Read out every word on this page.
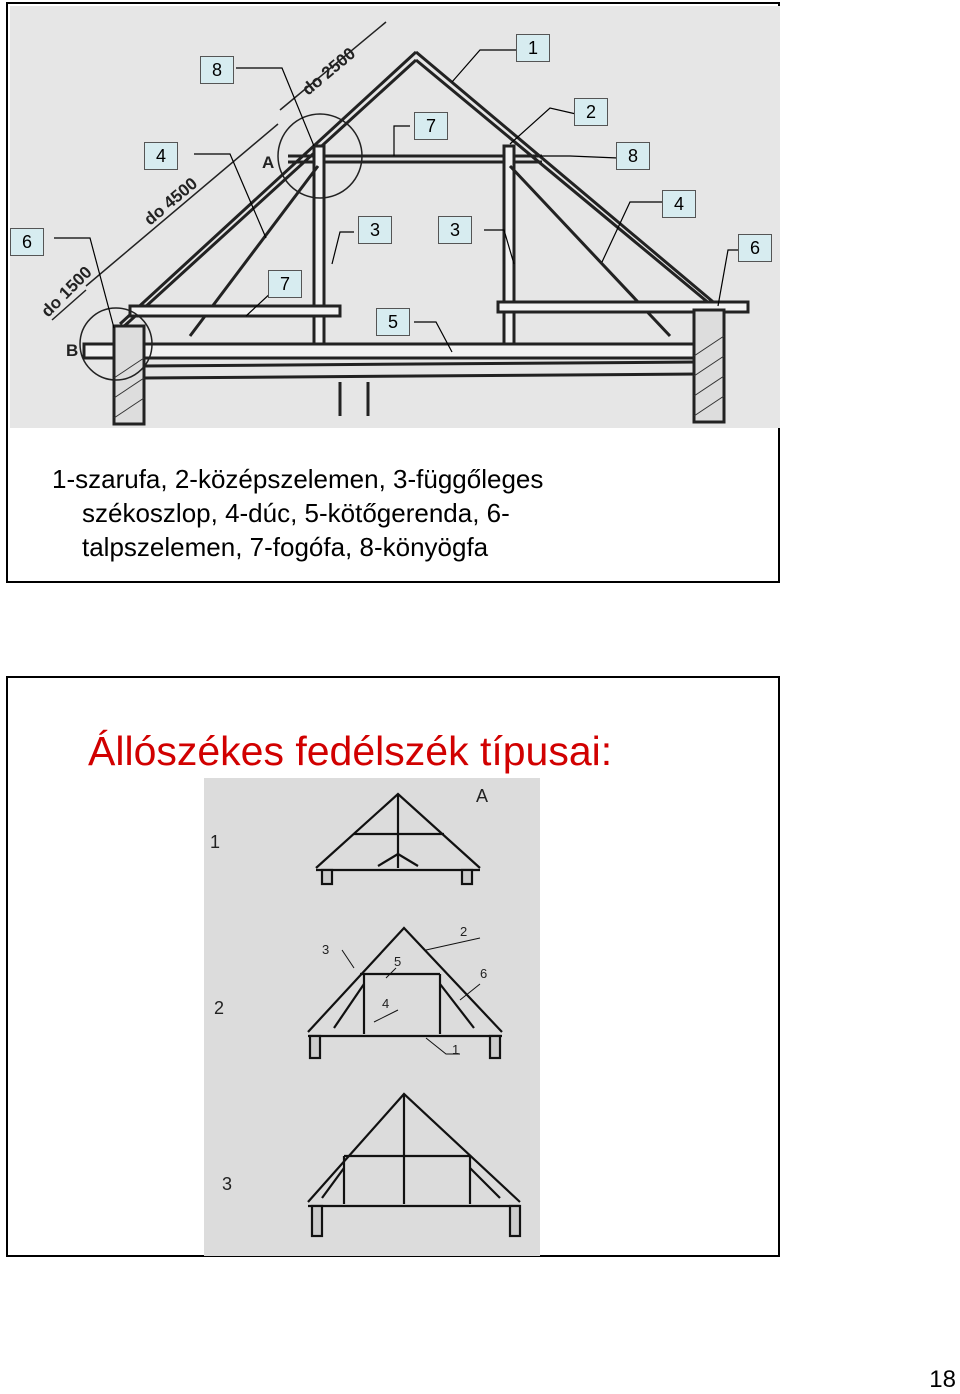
do 2500
do 4500
do 1500
A
B
1
2
8
8
7
7
4
4
6	6
3	3
5
1-szarufa, 2-középszelemen, 3-függőleges
székoszlop, 4-dúc, 5-kötőgerenda, 6-
talpszelemen, 7-fogófa, 8-könyögfa
Állószékes fedélszék típusai:
1
2
3
A
3
2
5
6
4
1
18
